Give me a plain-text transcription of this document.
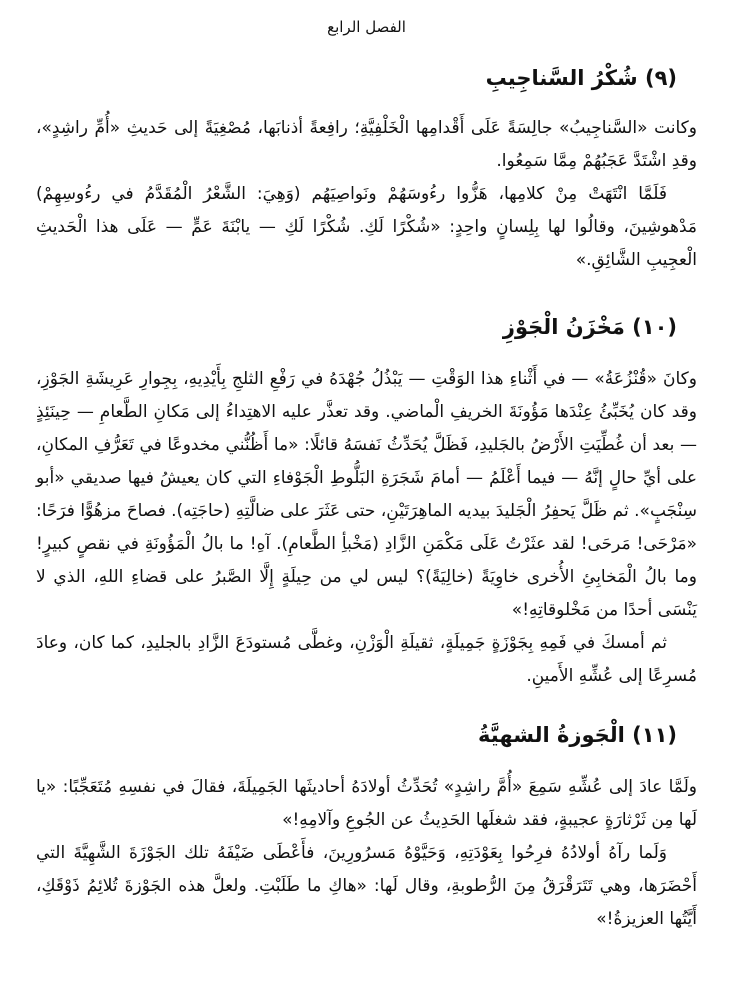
الفصل الرابع
(٩) شُكْرُ السَّناجِيبِ

وكانت «السَّناجِيبُ» جالِسَةً عَلَى أَقْدامِها الْخَلْفِيَّةِ؛ رافِعةً أذنابَها، مُصْغِيَةً إلى حَديثِ «أُمِّ راشِدٍ»، وقدِ اشْتَدَّ عَجَبُهُمْ مِمَّا سَمِعُوا.

فَلَمَّا انْتَهَتْ مِنْ كلامِها، هَزُّوا رءُوسَهُمْ ونَواصِيَهُم (وَهِيَ: الشَّعْرُ الْمُقَدَّمُ في رءُوسِهِمْ) مَدْهوشِينَ، وقالُوا لها بِلِسانٍ واحِدٍ: «شُكْرًا لَكِ. شُكْرًا لَكِ — يابْنَةَ عَمٍّ — عَلَى هذا الْحَديثِ الْعجِيبِ الشَّائِقِ.»

(١٠) مَخْزَنُ الْجَوْزِ

وكانَ «قُنْزُعَةُ» — في أَثْناءِ هذا الوَقْتِ — يَبْذُلُ جُهْدَهُ في رَفْعِ الثلجِ بِأَيْدِيهِ، بِجِوارِ عَرِيشَةِ الجَوْزِ، وقد كان يُخَبِّئُ عِنْدَها مَؤُونَةَ الخريفِ الْماضي. وقد تعذَّر عليه الاهتِداءُ إلى مَكانِ الطَّعامِ — حِينَئِذٍ — بعد أن غُطِّيَتِ الأَرْضُ بالجَليدِ، فَظَلَّ يُحَدِّثُ نَفسَهُ قائلًا: «ما أَظُنُّني مخدوعًا في تَعَرُّفِ المكانِ، على أيِّ حالٍ إنَّهُ — فيما أَعْلَمُ — أمامَ شَجَرَةِ البَلُّوطِ الْجَوْفاءِ التي كان يعيشُ فيها صديقي «أبو سِنْجَبٍ». ثم ظَلَّ يَحفِرُ الْجَليدَ بيديه الماهِرَتَيْنِ، حتى عَثَرَ على ضالَّتِهِ (حاجَتِه). فصاحَ مزهُوًّا فرَحًا: «مَرْحَى! مَرحَى! لقد عثَرْتُ عَلَى مَكْمَنِ الزَّادِ (مَخْبأِ الطَّعامِ). آهِ! ما بالُ الْمَؤُونَةِ في نقصٍ كبيرٍ! وما بالُ الْمَخابِئِ الأُخرى خاوِيَةً (خالِيَةً)؟ ليس لي من حِيلَةٍ إِلَّا الصَّبرُ على قضاءِ اللهِ، الذي لا يَنْسَى أحدًا من مَخْلوقاتِهِ!»

ثم أمسكَ في فَمِهِ بِجَوْزَةٍ جَمِيلَةٍ، ثقيلَةِ الْوَزْنِ، وغطَّى مُستودَعَ الزَّادِ بالجليدِ، كما كان، وعادَ مُسرِعًا إلى عُشِّهِ الأَمينِ.

(١١) الْجَوزةُ الشهيَّةُ

ولَمَّا عادَ إلى عُشِّهِ سَمِعَ «أُمَّ راشِدٍ» تُحَدِّثُ أولادَهُ أحاديثَها الجَمِيلَةَ، فقالَ في نفسِهِ مُتَعَجِّبًا: «يا لَها مِن ثَرْثارَةٍ عجيبةٍ، فقد شغلَها الحَدِيثُ عن الجُوعِ وآلامِهِ!»

وَلَما رآهُ أولادُهُ فرِحُوا بِعَوْدَتِهِ، وَحَيَّوْهُ مَسرُورِينَ، فأَعْطَى ضَيْفَهُ تلك الجَوْزَةَ الشَّهِيَّةَ التي أَحْضَرَها، وهي تَتَرَقْرَقُ مِنَ الرُّطوبةِ، وقال لَها: «هاكِ ما طَلَبْتِ. ولعلَّ هذه الجَوْزةَ تُلائِمُ ذَوْقَكِ، أَيَّتُها العزيزةُ!»
